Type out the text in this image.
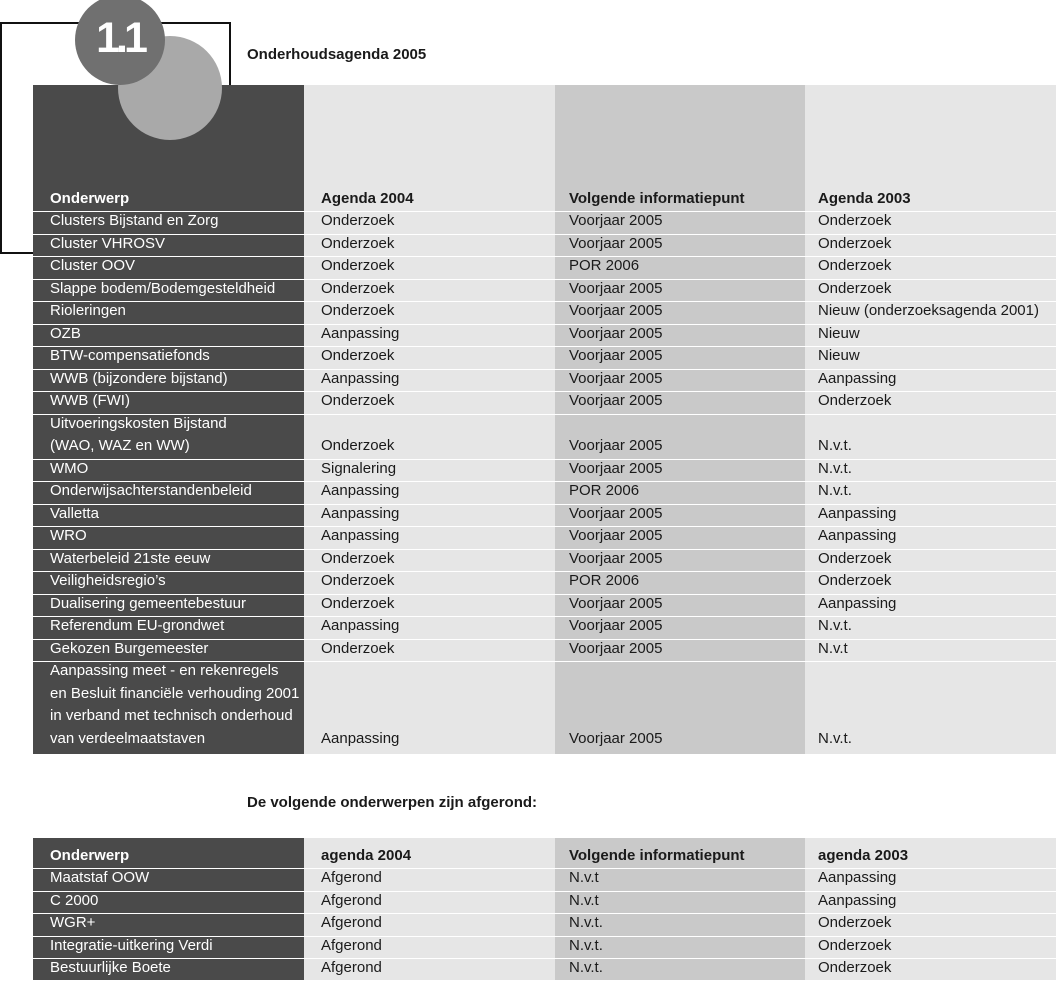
1.1	Onderhoudsagenda 2005
Onderwerp	Agenda 2004	Volgende informatiepunt	Agenda 2003
Clusters Bijstand en Zorg	Onderzoek	Voorjaar 2005	Onderzoek
Cluster VHROSV	Onderzoek	Voorjaar 2005	Onderzoek
Cluster OOV	Onderzoek	POR 2006	Onderzoek
Slappe bodem/Bodemgesteldheid	Onderzoek	Voorjaar 2005	Onderzoek
Rioleringen	Onderzoek	Voorjaar 2005	Nieuw (onderzoeksagenda 2001)
OZB	Aanpassing	Voorjaar 2005	Nieuw
BTW-compensatiefonds	Onderzoek	Voorjaar 2005	Nieuw
WWB (bijzondere bijstand)	Aanpassing	Voorjaar 2005	Aanpassing
WWB (FWI)	Onderzoek	Voorjaar 2005	Onderzoek
Uitvoeringskosten Bijstand
(WAO, WAZ en WW)	Onderzoek	Voorjaar 2005	N.v.t.
WMO	Signalering	Voorjaar 2005	N.v.t.
Onderwijsachterstandenbeleid	Aanpassing	POR 2006	N.v.t.
Valletta	Aanpassing	Voorjaar 2005	Aanpassing
WRO	Aanpassing	Voorjaar 2005	Aanpassing
Waterbeleid 21ste eeuw	Onderzoek	Voorjaar 2005	Onderzoek
Veiligheidsregio’s	Onderzoek	POR 2006	Onderzoek
Dualisering gemeentebestuur	Onderzoek	Voorjaar 2005	Aanpassing
Referendum EU-grondwet	Aanpassing	Voorjaar 2005	N.v.t.
Gekozen Burgemeester	Onderzoek	Voorjaar 2005	N.v.t
Aanpassing meet - en rekenregels
en Besluit financiële verhouding 2001
in verband met technisch onderhoud
van verdeelmaatstaven	Aanpassing	Voorjaar 2005	N.v.t.
De volgende onderwerpen zijn afgerond:
Onderwerp	agenda 2004	Volgende informatiepunt	agenda 2003
Maatstaf OOW	Afgerond	N.v.t	Aanpassing
C 2000	Afgerond	N.v.t	Aanpassing
WGR+	Afgerond	N.v.t.	Onderzoek
Integratie-uitkering Verdi	Afgerond	N.v.t.	Onderzoek
Bestuurlijke Boete	Afgerond	N.v.t.	Onderzoek
